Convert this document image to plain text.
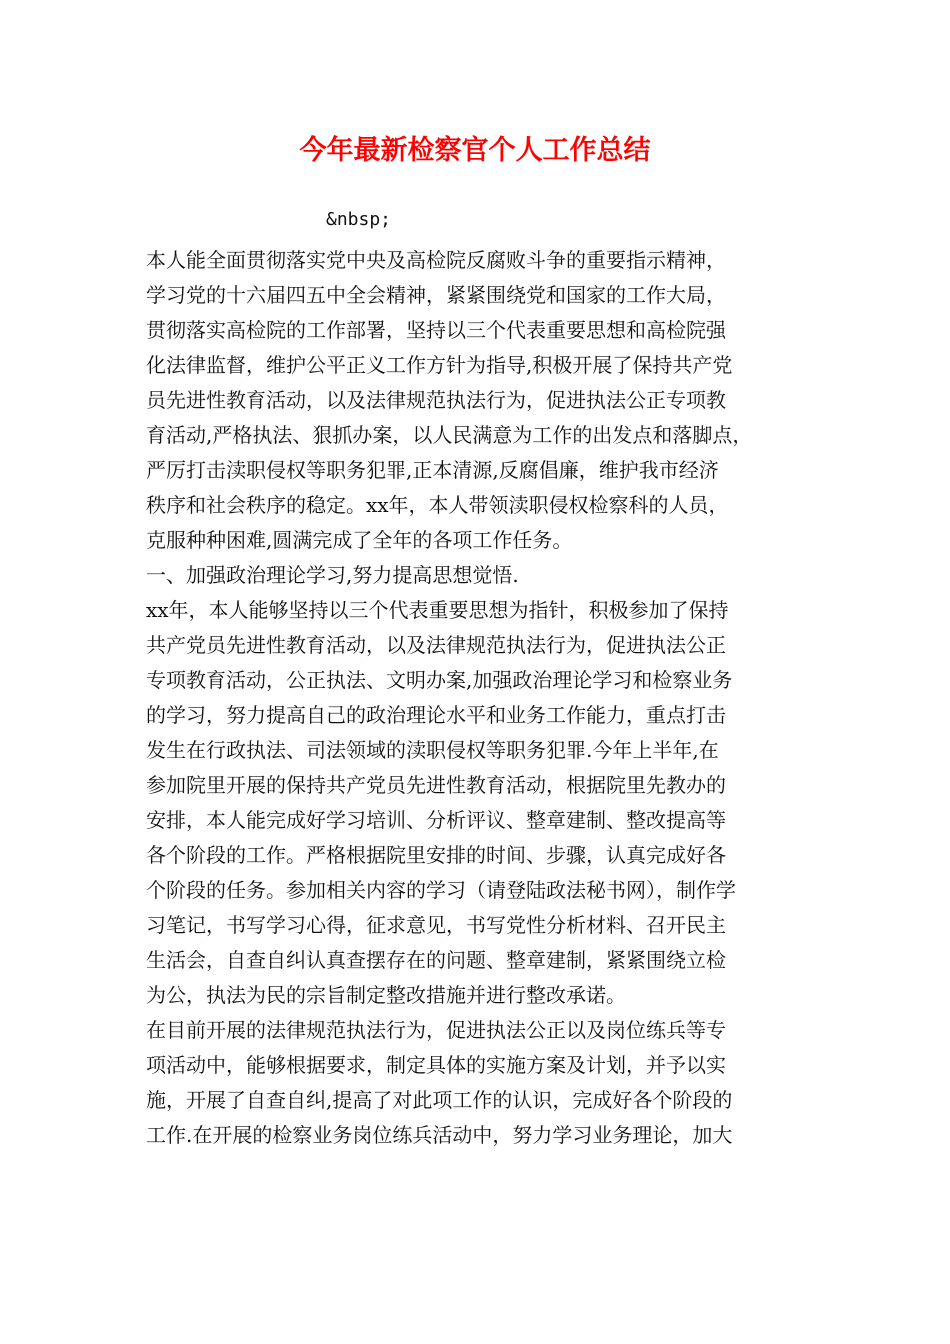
今年最新检察官个人工作总结
&nbsp;
本人能全面贯彻落实党中央及高检院反腐败斗争的重要指示精神，
学习党的十六届四五中全会精神，紧紧围绕党和国家的工作大局，
贯彻落实高检院的工作部署，坚持以三个代表重要思想和高检院强
化法律监督，维护公平正义工作方针为指导,积极开展了保持共产党
员先进性教育活动，以及法律规范执法行为，促进执法公正专项教
育活动,严格执法、狠抓办案，以人民满意为工作的出发点和落脚点，
严厉打击渎职侵权等职务犯罪,正本清源,反腐倡廉，维护我市经济
秩序和社会秩序的稳定。xx年，本人带领渎职侵权检察科的人员，
克服种种困难,圆满完成了全年的各项工作任务。
一、加强政治理论学习,努力提高思想觉悟.
xx年，本人能够坚持以三个代表重要思想为指针，积极参加了保持
共产党员先进性教育活动，以及法律规范执法行为，促进执法公正
专项教育活动，公正执法、文明办案,加强政治理论学习和检察业务
的学习，努力提高自己的政治理论水平和业务工作能力，重点打击
发生在行政执法、司法领域的渎职侵权等职务犯罪.今年上半年,在
参加院里开展的保持共产党员先进性教育活动，根据院里先教办的
安排，本人能完成好学习培训、分析评议、整章建制、整改提高等
各个阶段的工作。严格根据院里安排的时间、步骤，认真完成好各
个阶段的任务。参加相关内容的学习（请登陆政法秘书网），制作学
习笔记，书写学习心得，征求意见，书写党性分析材料、召开民主
生活会，自查自纠认真查摆存在的问题、整章建制，紧紧围绕立检
为公，执法为民的宗旨制定整改措施并进行整改承诺。
在目前开展的法律规范执法行为，促进执法公正以及岗位练兵等专
项活动中，能够根据要求，制定具体的实施方案及计划，并予以实
施，开展了自查自纠,提高了对此项工作的认识，完成好各个阶段的
工作.在开展的检察业务岗位练兵活动中，努力学习业务理论，加大
